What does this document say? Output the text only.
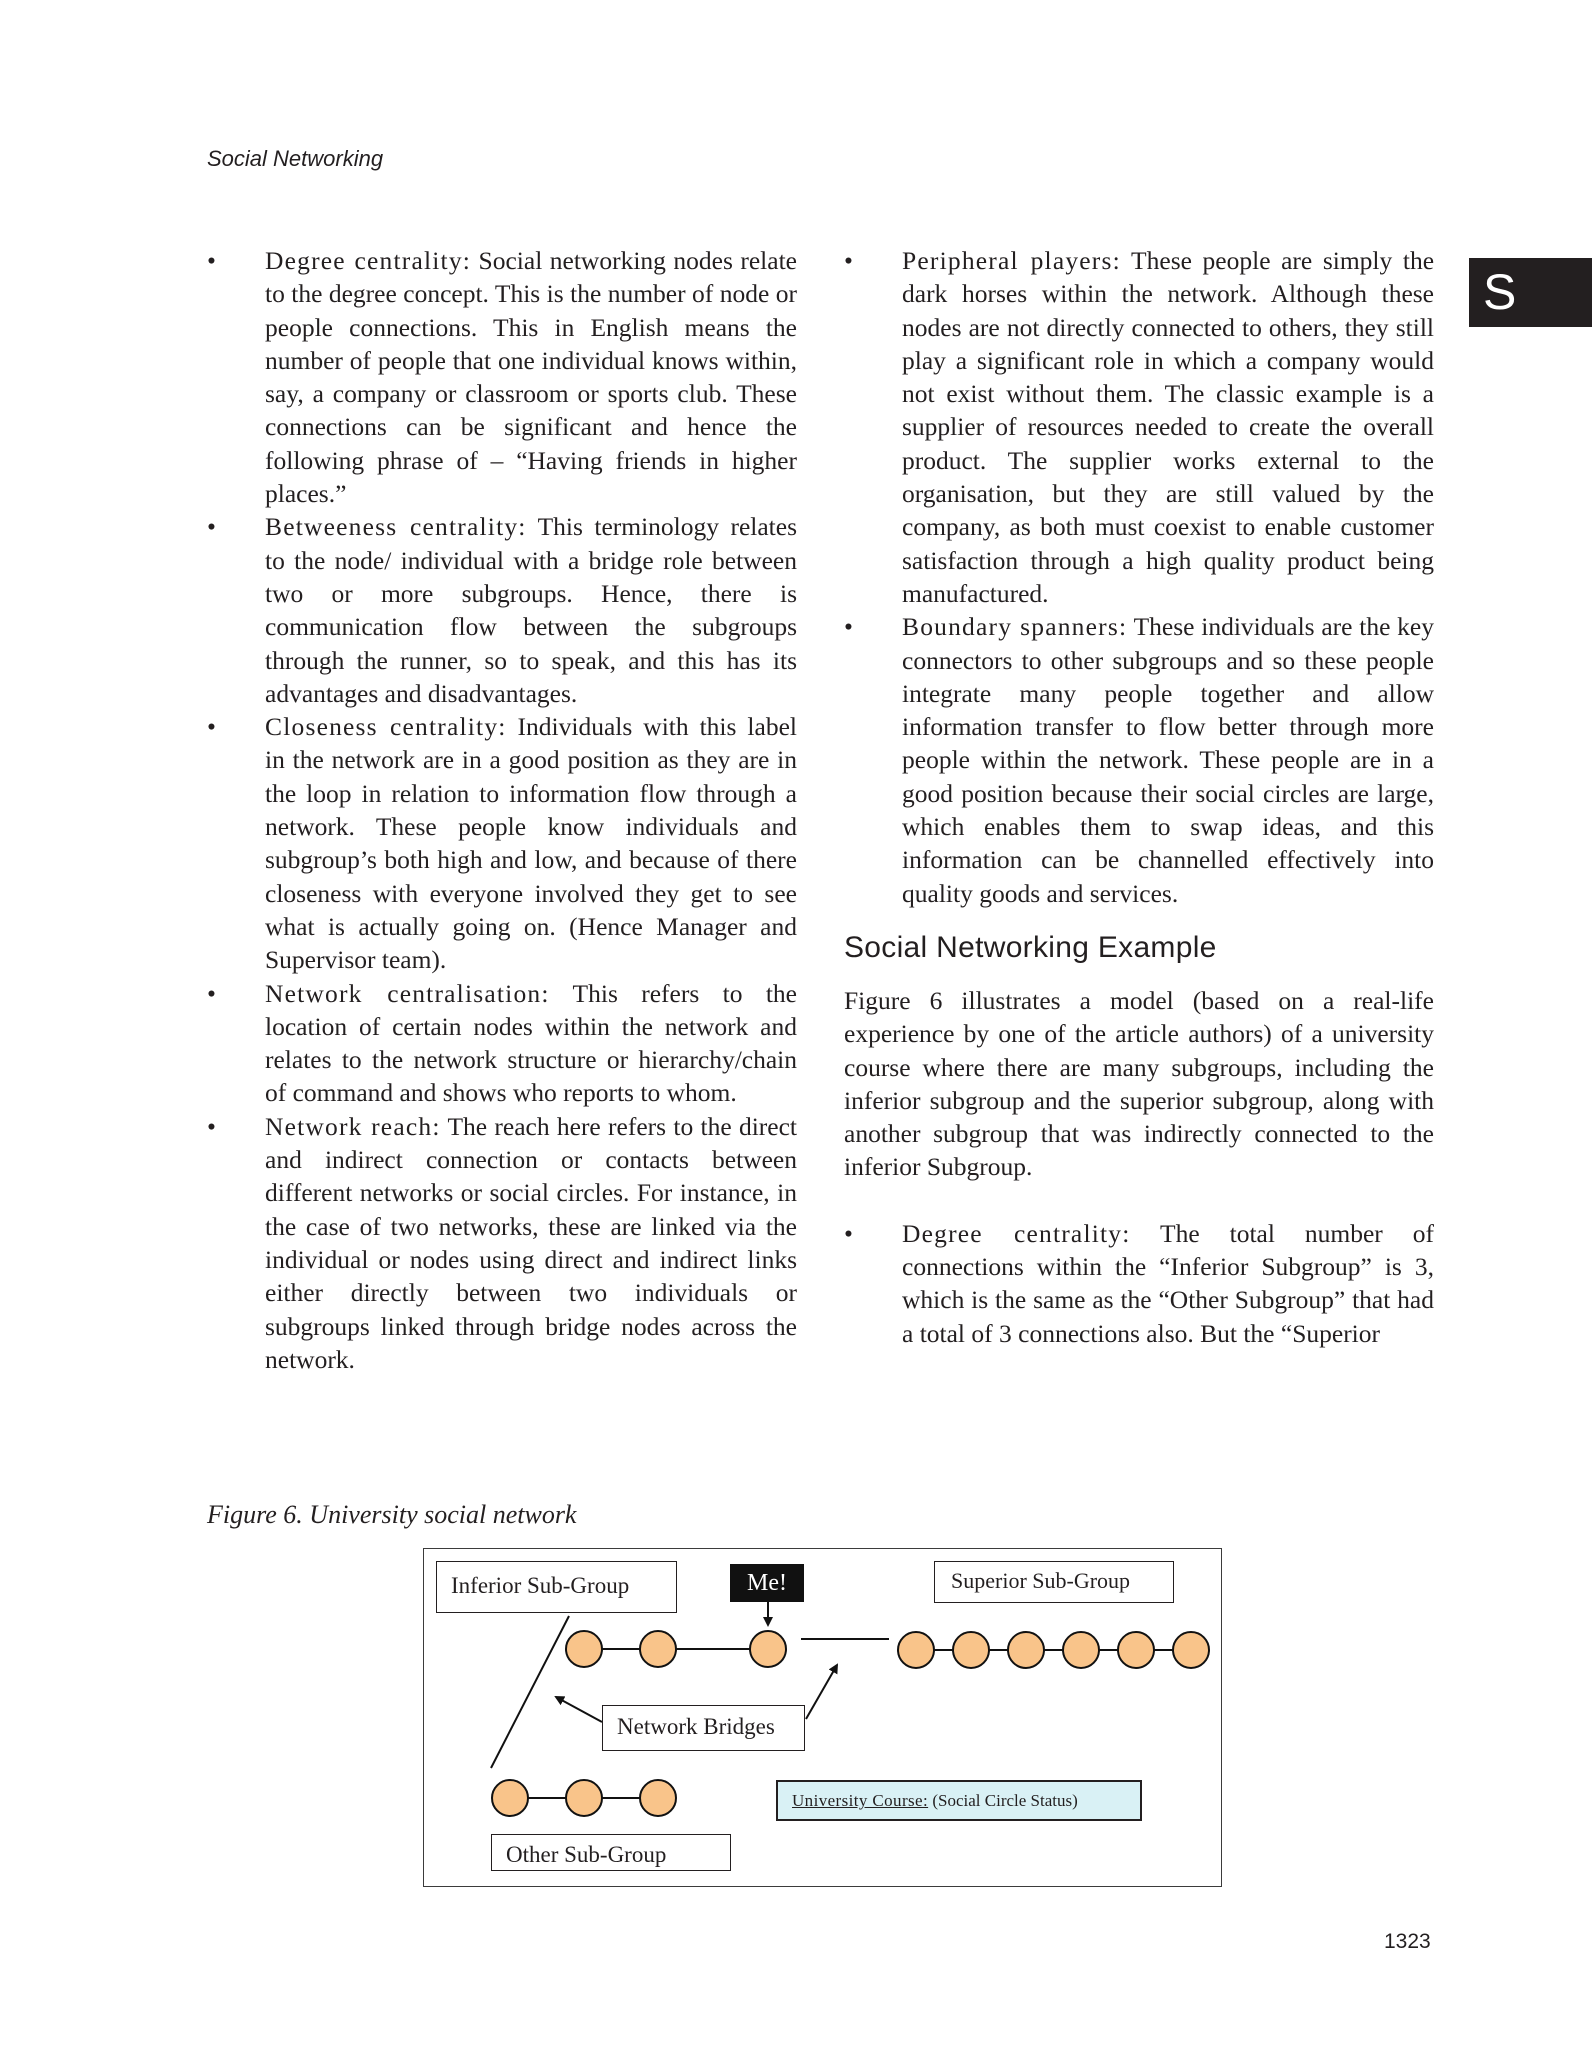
Social Networking
S
•	Degree centrality: Social networking nodes relate to the degree concept. This is the number of node or people connections. This in English means the number of people that one individual knows within, say, a company or classroom or sports club. These connections can be significant and hence the following phrase of – “Having friends in higher places.”
•	Betweeness centrality: This terminology relates to the node/ individual with a bridge role between two or more subgroups. Hence, there is communication flow between the subgroups through the runner, so to speak, and this has its advantages and disadvantages.
•	Closeness centrality: Individuals with this label in the network are in a good position as they are in the loop in relation to information flow through a network. These people know individuals and subgroup’s both high and low, and because of there closeness with everyone involved they get to see what is actually going on. (Hence Manager and Supervisor team).
•	Network centralisation: This refers to the location of certain nodes within the network and relates to the network structure or hierarchy/chain of command and shows who reports to whom.
•	Network reach: The reach here refers to the direct and indirect connection or contacts between different networks or social circles. For instance, in the case of two networks, these are linked via the individual or nodes using direct and indirect links either directly between two individuals or subgroups linked through bridge nodes across the network.
•	Peripheral players: These people are simply the dark horses within the network. Although these nodes are not directly connected to others, they still play a significant role in which a company would not exist without them. The classic example is a supplier of resources needed to create the overall product. The supplier works external to the organisation, but they are still valued by the company, as both must coexist to enable customer satisfaction through a high quality product being manufactured.
•	Boundary spanners: These individuals are the key connectors to other subgroups and so these people integrate many people together and allow information transfer to flow better through more people within the network. These people are in a good position because their social circles are large, which enables them to swap ideas, and this information can be channelled effectively into quality goods and services.
Social Networking Example

Figure 6 illustrates a model (based on a real-life experience by one of the article authors) of a university course where there are many subgroups, including the inferior subgroup and the superior subgroup, along with another subgroup that was indirectly connected to the inferior Subgroup.

•	Degree centrality: The total number of connections within the “Inferior Subgroup” is 3, which is the same as the “Other Subgroup” that had a total of 3 connections also. But the “Superior
Figure 6. University social network
Inferior Sub-Group	Me!	Superior Sub-Group
Network Bridges
University Course: (Social Circle Status)
Other Sub-Group
1323
